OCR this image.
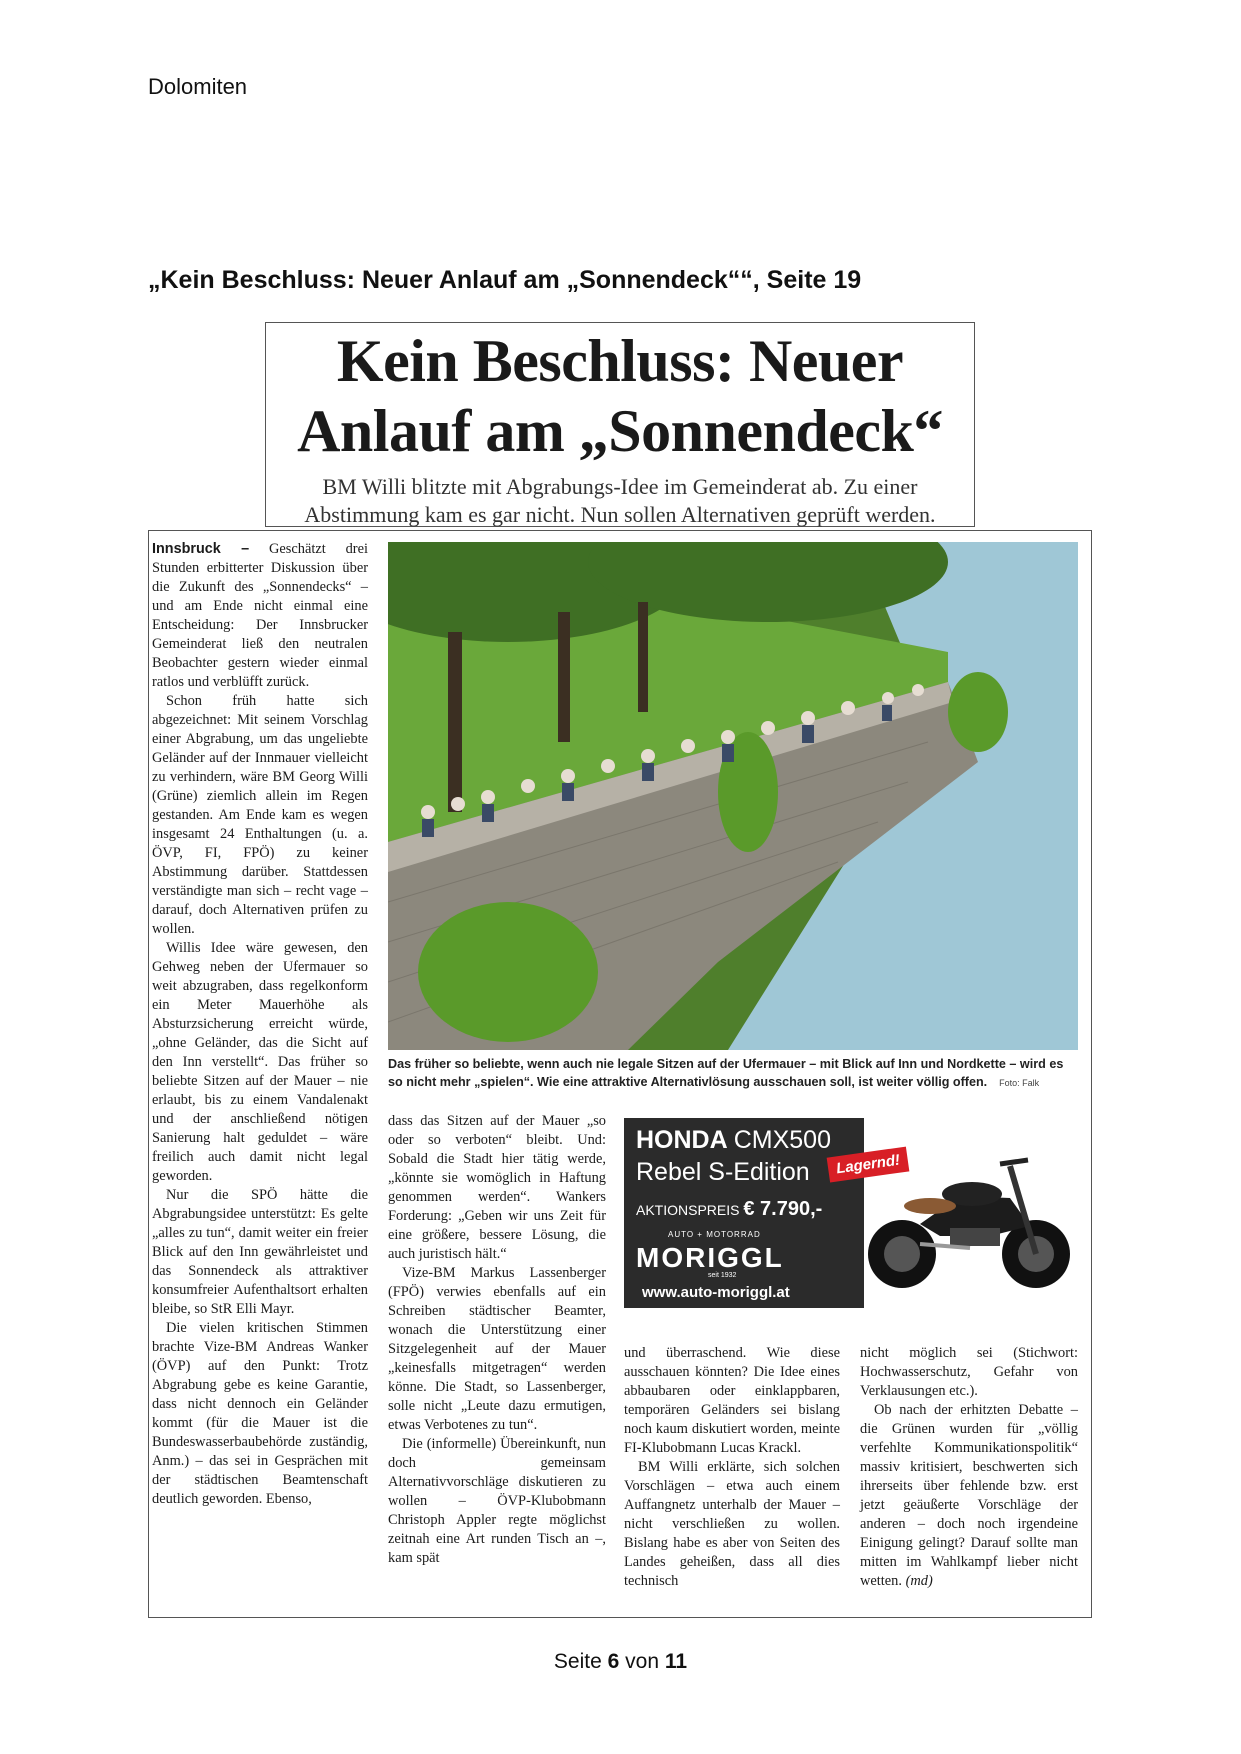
Dolomiten
„Kein Beschluss: Neuer Anlauf am „Sonnendeck““, Seite 19
Kein Beschluss: Neuer
Anlauf am „Sonnendeck“
BM Willi blitzte mit Abgrabungs-Idee im Gemeinderat ab. Zu einer Abstimmung kam es gar nicht. Nun sollen Alternativen geprüft werden.

Innsbruck – Geschätzt drei Stunden erbitterter Diskussion über die Zukunft des „Sonnendecks“ – und am Ende nicht einmal eine Entscheidung: Der Innsbrucker Gemeinderat ließ den neutralen Beobachter gestern wieder einmal ratlos und verblüfft zurück.

Schon früh hatte sich abgezeichnet: Mit seinem Vorschlag einer Abgrabung, um das ungeliebte Geländer auf der Innmauer vielleicht zu verhindern, wäre BM Georg Willi (Grüne) ziemlich allein im Regen gestanden. Am Ende kam es wegen insgesamt 24 Enthaltungen (u. a. ÖVP, FI, FPÖ) zu keiner Abstimmung darüber. Stattdessen verständigte man sich – recht vage – darauf, doch Alternativen prüfen zu wollen.

Willis Idee wäre gewesen, den Gehweg neben der Ufermauer so weit abzugraben, dass regelkonform ein Meter Mauerhöhe als Absturzsicherung erreicht würde, „ohne Geländer, das die Sicht auf den Inn verstellt“. Das früher so beliebte Sitzen auf der Mauer – nie erlaubt, bis zu einem Vandalenakt und der anschließend nötigen Sanierung halt geduldet – wäre freilich auch damit nicht legal geworden.

Nur die SPÖ hätte die Abgrabungsidee unterstützt: Es gelte „alles zu tun“, damit weiter ein freier Blick auf den Inn gewährleistet und das Sonnendeck als attraktiver konsumfreier Aufenthaltsort erhalten bleibe, so StR Elli Mayr.

Die vielen kritischen Stimmen brachte Vize-BM Andreas Wanker (ÖVP) auf den Punkt: Trotz Abgrabung gebe es keine Garantie, dass nicht dennoch ein Geländer kommt (für die Mauer ist die Bundeswasserbaubehörde zuständig, Anm.) – das sei in Gesprächen mit der städtischen Beamtenschaft deutlich geworden. Ebenso,

Das früher so beliebte, wenn auch nie legale Sitzen auf der Ufermauer – mit Blick auf Inn und Nordkette – wird es so nicht mehr „spielen“. Wie eine attraktive Alternativlösung ausschauen soll, ist weiter völlig offen. Foto: Falk

dass das Sitzen auf der Mauer „so oder so verboten“ bleibt. Und: Sobald die Stadt hier tätig werde, „könnte sie womöglich in Haftung genommen werden“. Wankers Forderung: „Geben wir uns Zeit für eine größere, bessere Lösung, die auch juristisch hält.“

Vize-BM Markus Lassenberger (FPÖ) verwies ebenfalls auf ein Schreiben städtischer Beamter, wonach die Unterstützung einer Sitzgelegenheit auf der Mauer „keinesfalls mitgetragen“ werden könne. Die Stadt, so Lassenberger, solle nicht „Leute dazu ermutigen, etwas Verbotenes zu tun“.

Die (informelle) Übereinkunft, nun doch gemeinsam Alternativvorschläge diskutieren zu wollen – ÖVP-Klubobmann Christoph Appler regte möglichst zeitnah eine Art runden Tisch an –, kam spät

HONDA CMX500
Rebel S-Edition	Lagernd!
AKTIONSPREIS € 7.790,-
AUTO + MOTORRAD
MORIGGL
seit 1932
www.auto-moriggl.at

und überraschend. Wie diese ausschauen könnten? Die Idee eines abbaubaren oder einklappbaren, temporären Geländers sei bislang noch kaum diskutiert worden, meinte FI-Klubobmann Lucas Krackl.

BM Willi erklärte, sich solchen Vorschlägen – etwa auch einem Auffangnetz unterhalb der Mauer – nicht verschließen zu wollen. Bislang habe es aber von Seiten des Landes geheißen, dass all dies technisch

nicht möglich sei (Stichwort: Hochwasserschutz, Gefahr von Verklausungen etc.).

Ob nach der erhitzten Debatte – die Grünen wurden für „völlig verfehlte Kommunikationspolitik“ massiv kritisiert, beschwerten sich ihrerseits über fehlende bzw. erst jetzt geäußerte Vorschläge der anderen – doch noch irgendeine Einigung gelingt? Darauf sollte man mitten im Wahlkampf lieber nicht wetten. (md)

Seite 6 von 11
